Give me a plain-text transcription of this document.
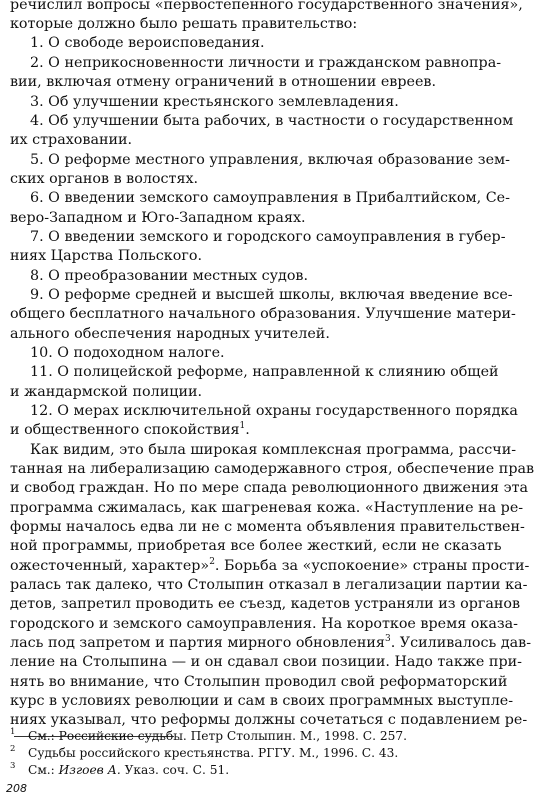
речислил вопросы «первостепенного государственного значения»,
которые должно было решать правительство:
1. О свободе вероисповедания.
2. О неприкосновенности личности и гражданском равнопра-
вии, включая отмену ограничений в отношении евреев.
3. Об улучшении крестьянского землевладения.
4. Об улучшении быта рабочих, в частности о государственном
их страховании.
5. О реформе местного управления, включая образование зем-
ских органов в волостях.
6. О введении земского самоуправления в Прибалтийском, Се-
веро-Западном и Юго-Западном краях.
7. О введении земского и городского самоуправления в губер-
ниях Царства Польского.
8. О преобразовании местных судов.
9. О реформе средней и высшей школы, включая введение все-
общего бесплатного начального образования. Улучшение матери-
ального обеспечения народных учителей.
10. О подоходном налоге.
11. О полицейской реформе, направленной к слиянию общей
и жандармской полиции.
12. О мерах исключительной охраны государственного порядка
и общественного спокойствия$^1$.
Как видим, это была широкая комплексная программа, рассчи-
танная на либерализацию самодержавного строя, обеспечение прав
и свобод граждан. Но по мере спада революционного движения эта
программа сжималась, как шагреневая кожа. «Наступление на ре-
формы началось едва ли не с момента объявления правительствен-
ной программы, приобретая все более жесткий, если не сказать
ожесточенный, характер»$^2$. Борьба за «успокоение» страны прости-
ралась так далеко, что Столыпин отказал в легализации партии ка-
детов, запретил проводить ее съезд, кадетов устраняли из органов
городского и земского самоуправления. На короткое время оказа-
лась под запретом и партия мирного обновления$^3$. Усиливалось дав-
ление на Столыпина — и он сдавал свои позиции. Надо также при-
нять во внимание, что Столыпин проводил свой реформаторский
курс в условиях революции и сам в своих программных выступле-
ниях указывал, что реформы должны сочетаться с подавлением ре-
1 См.: Российские судьбы. Петр Столыпин. М., 1998. С. 257.
2 Судьбы российского крестьянства. РГГУ. М., 1996. С. 43.
3 См.: Изгоев А. Указ. соч. С. 51.
208
